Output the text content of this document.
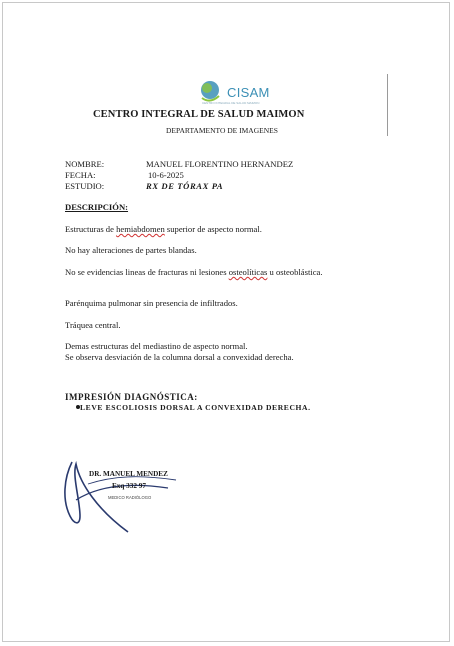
CISAM
CENTRO INTEGRAL DE SALUD MAIMON
CENTRO INTEGRAL DE SALUD MAIMON
DEPARTAMENTO DE IMAGENES
NOMBRE:	MANUEL FLORENTINO HERNANDEZ
FECHA:	10-6-2025
ESTUDIO:	RX DE TÓRAX PA
DESCRIPCIÓN:
Estructuras de hemiabdomen superior de aspecto normal.
No hay alteraciones de partes blandas.
No se evidencias lineas de fracturas ni lesiones osteolíticas u osteoblástica.
Parénquima pulmonar sin presencia de infiltrados.
Tráquea central.
Demas estructuras del mediastino de aspecto normal.
Se observa desviación de la columna dorsal a convexidad derecha.
IMPRESIÓN DIAGNÓSTICA:
LEVE ESCOLIOSIS DORSAL A CONVEXIDAD DERECHA.
DR. MANUEL MENDEZ
Exq 332 97
MEDICO RADIÓLOGO
